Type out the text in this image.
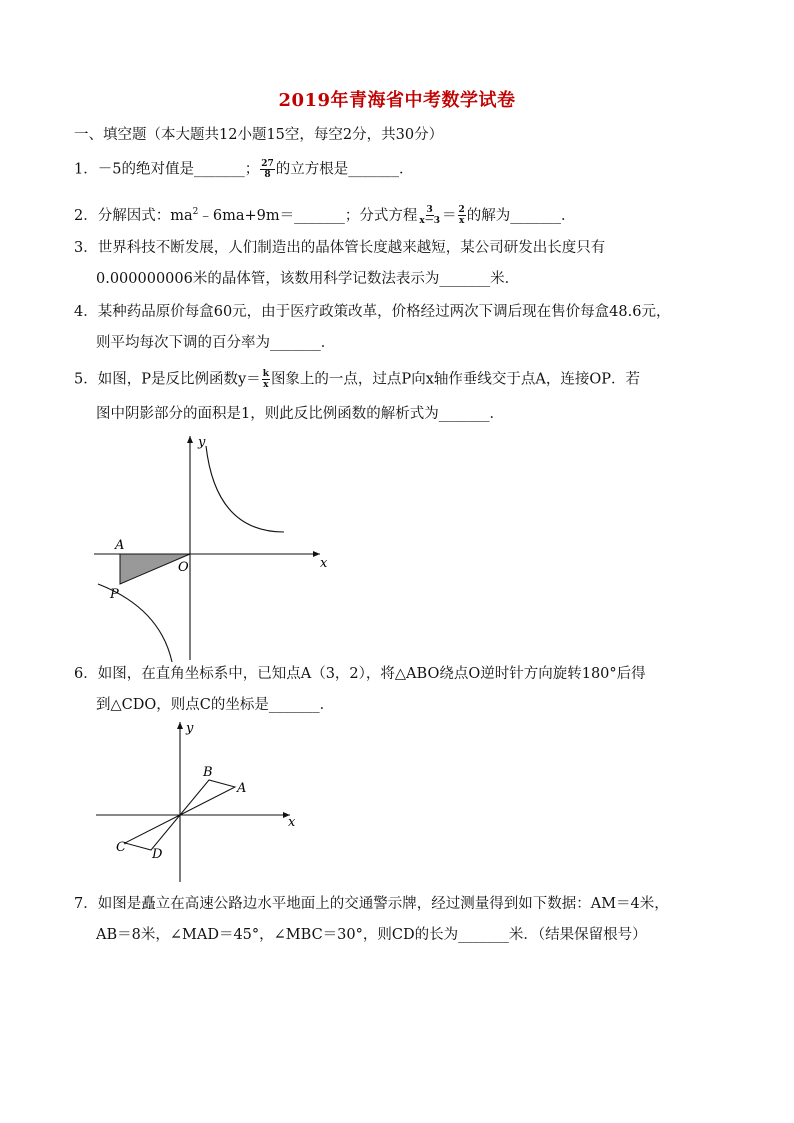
2019年青海省中考数学试卷
一、填空题（本大题共12小题15空，每空2分，共30分）
1．－5的绝对值是_______； $\frac{27}{8}$ 的立方根是_______．
2．分解因式：$ma^2﹣6ma+9m=\_\_\_\_\_\_\_$；分式方程 $\frac{3}{x-3} = \frac{2}{x}$ 的解为_______．
3．世界科技不断发展，人们制造出的晶体管长度越来越短，某公司研发出长度只有
0.000000006米的晶体管，该数用科学记数法表示为_______米．
4．某种药品原价每盒60元，由于医疗政策改革，价格经过两次下调后现在售价每盒48.6元，
则平均每次下调的百分率为_______．
5．如图，P是反比例函数$y= \frac{k}{x}$ 图象上的一点，过点P向x轴作垂线交于点A，连接OP．若
图中阴影部分的面积是1，则此反比例函数的解析式为_______．
y
x
A
O
P
6．如图，在直角坐标系中，已知点A（3，2），将△ABO绕点O逆时针方向旋转180°后得
到△CDO，则点C的坐标是_______．
y
x
B
A
C D
7．如图是矗立在高速公路边水平地面上的交通警示牌，经过测量得到如下数据：AM＝4米，
AB＝8米，∠MAD＝45°，∠MBC＝30°，则CD的长为_______米．（结果保留根号）
